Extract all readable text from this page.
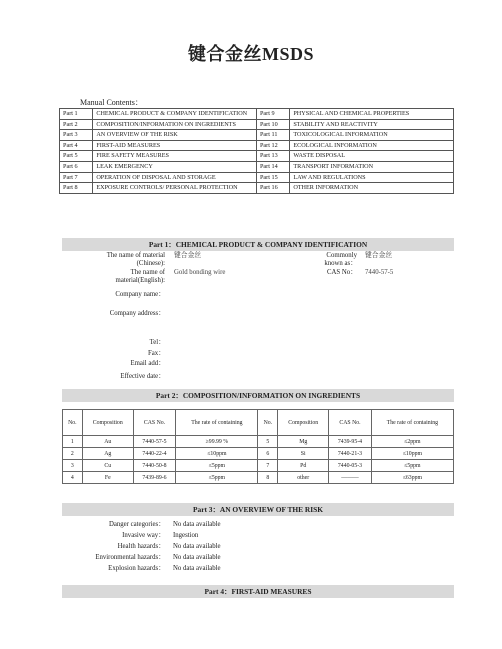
键合金丝MSDS
Manual Contents：
Part 1	CHEMICAL PRODUCT & COMPANY IDENTIFICATION	Part 9	PHYSICAL AND CHEMICAL PROPERTIES
Part 2	COMPOSITION/INFORMATION ON INGREDIENTS	Part 10	STABILITY AND REACTIVITY
Part 3	AN OVERVIEW OF THE RISK	Part 11	TOXICOLOGICAL INFORMATION
Part 4	FIRST-AID MEASURES	Part 12	ECOLOGICAL INFORMATION
Part 5	FIRE SAFETY MEASURES	Part 13	WASTE DISPOSAL
Part 6	LEAK EMERGENCY	Part 14	TRANSPORT INFORMATION
Part 7	OPERATION OF DISPOSAL AND STORAGE	Part 15	LAW AND REGULATIONS
Part 8	EXPOSURE CONTROLS/ PERSONAL PROTECTION	Part 16	OTHER INFORMATION
Part 1：CHEMICAL PRODUCT & COMPANY IDENTIFICATION
The name of material
(Chinese):
键合金丝	Commonly
known as：
键合金丝
The name of
material(English):
Gold bonding wire	CAS No： 7440-57-5
Company name：
Company address：
Tel：
Fax：
Email add：
Effective date：
Part 2：COMPOSITION/INFORMATION ON INGREDIENTS
No.	Composition	CAS No.	The rate of containing	No.	Composition	CAS No.	The rate of containing
1	Au	7440-57-5	≥99.99 %	5	Mg	7439-95-4	≤2ppm
2	Ag	7440-22-4	≤10ppm	6	Si	7440-21-3	≤10ppm
3	Cu	7440-50-8	≤5ppm	7	Pd	7440-05-3	≤5ppm
4	Fe	7439-89-6	≤5ppm	8	other	———	≤63ppm
Part 3：AN OVERVIEW OF THE RISK
Danger categories： No data available
Invasive way： Ingestion
Health hazards： No data available
Environmental hazards： No data available
Explosion hazards： No data available
Part 4：FIRST-AID MEASURES
